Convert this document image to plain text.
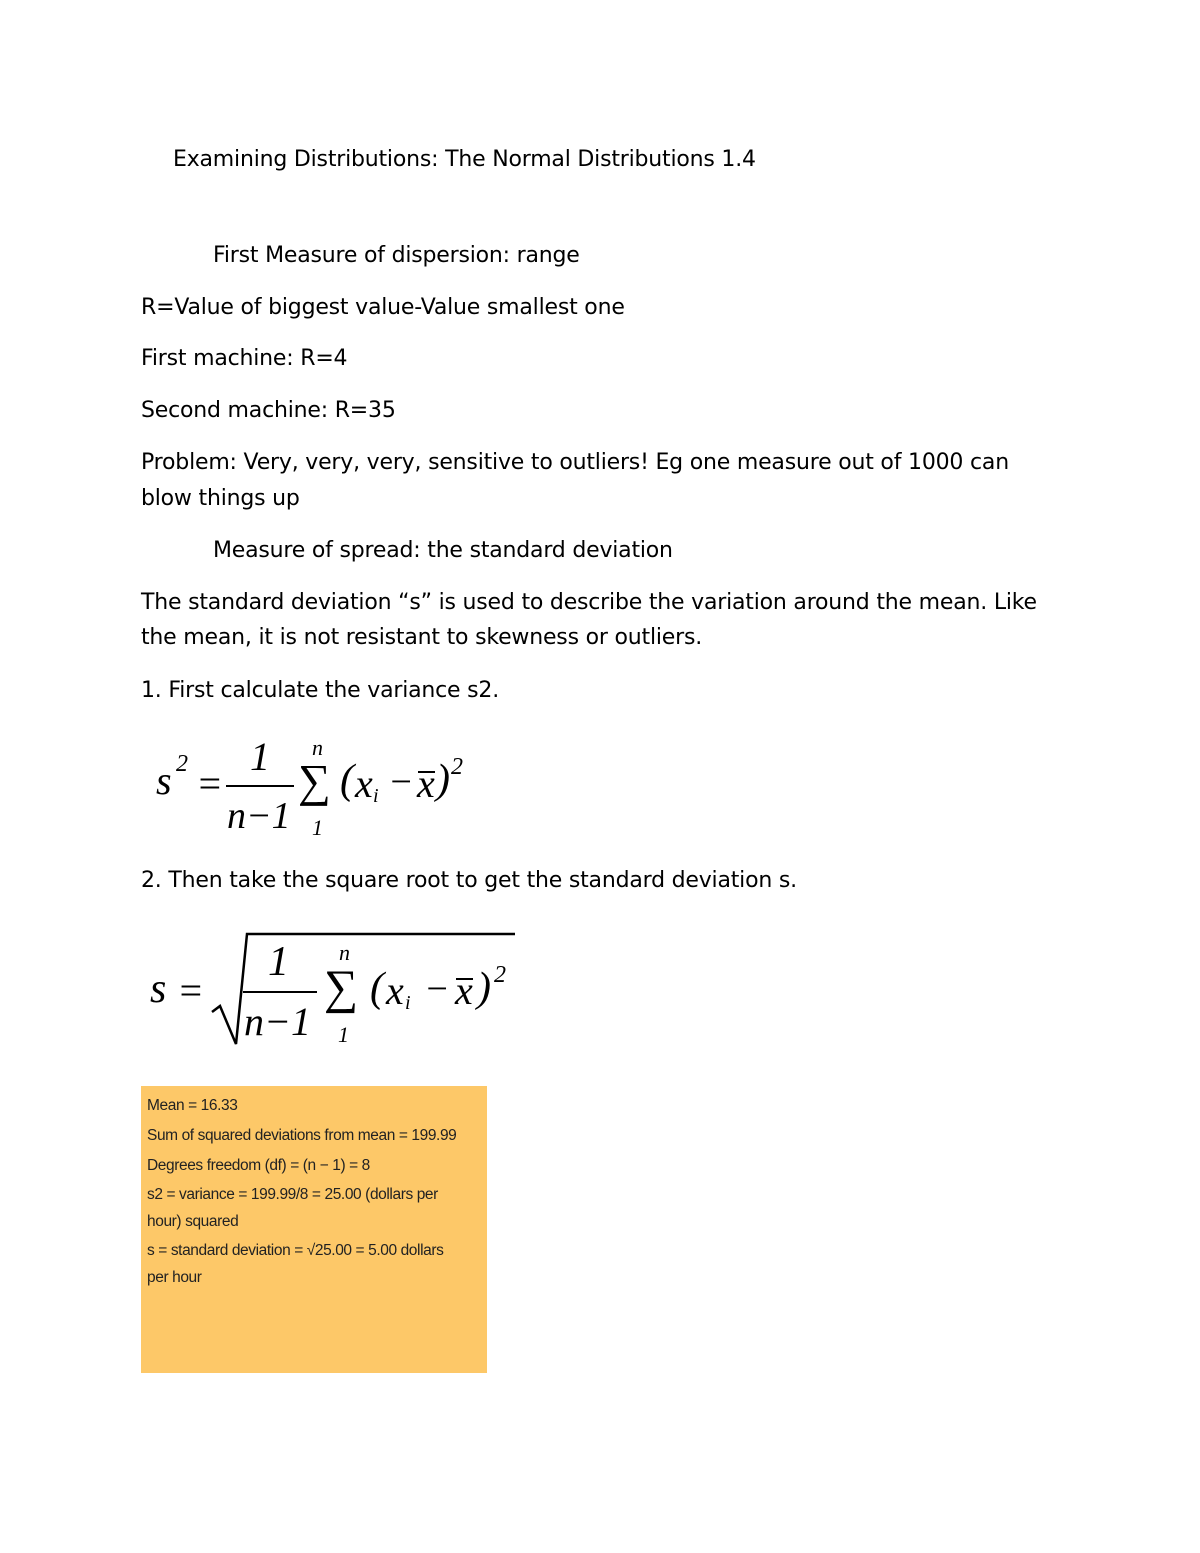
Examining Distributions: The Normal Distributions 1.4
First Measure of dispersion: range
R=Value of biggest value-Value smallest one
First machine: R=4
Second machine: R=35
Problem: Very, very, very, sensitive to outliers! Eg one measure out of 1000 can
blow things up
Measure of spread: the standard deviation
The standard deviation “s” is used to describe the variation around the mean. Like
the mean, it is not resistant to skewness or outliers.
1. First calculate the variance s2.
s 2 =
1
n−1
n
∑
1
( x i − x ) 2
2. Then take the square root to get the standard deviation s.
s =
1
n−1
n
∑
1
( x i − x ) 2
Mean = 16.33
Sum of squared deviations from mean = 199.99
Degrees freedom (df) = (n − 1) = 8
s2 = variance = 199.99/8 = 25.00 (dollars per
hour) squared
s = standard deviation = √25.00 = 5.00 dollars
per hour
